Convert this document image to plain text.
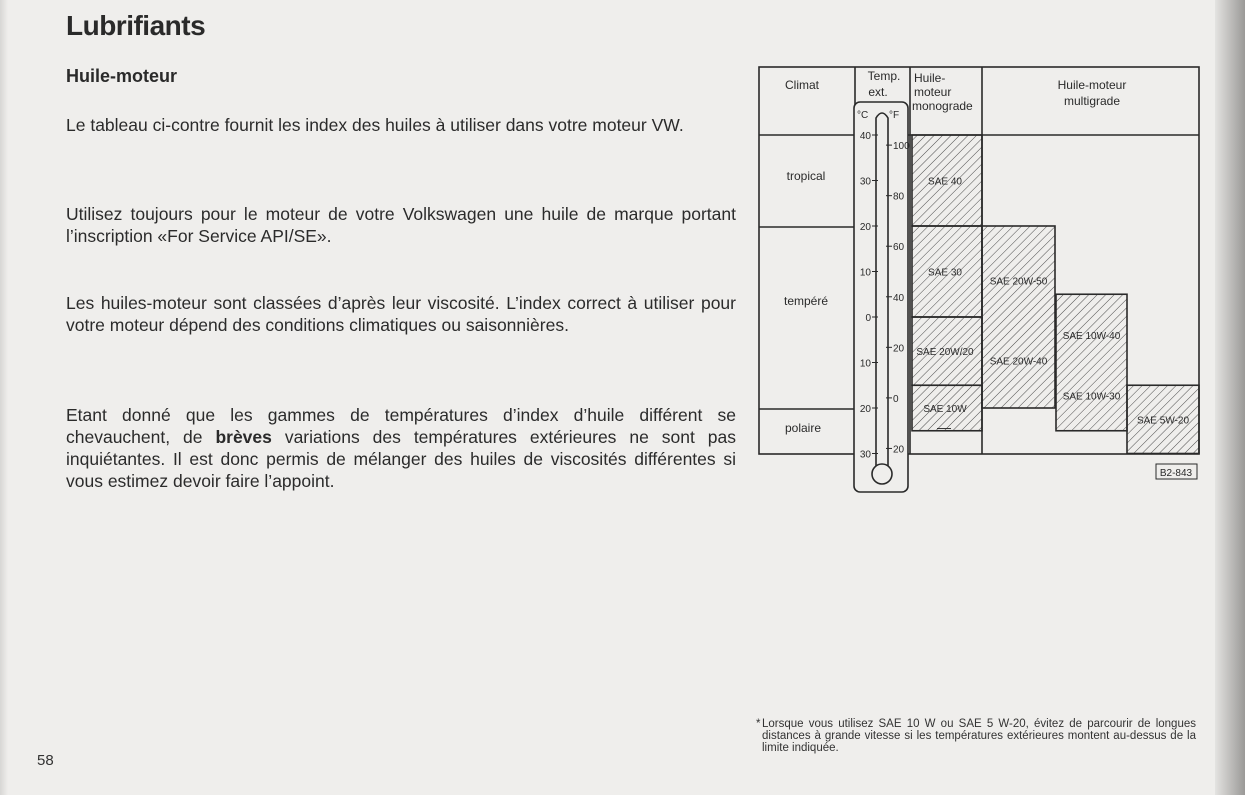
Lubrifiants
Huile-moteur

Le tableau ci-contre fournit les index des huiles à utiliser dans votre moteur VW.

Utilisez toujours pour le moteur de votre Volkswagen une huile de marque portant l’inscription «For Service API/SE».

Les huiles-moteur sont classées d’après leur viscosité. L’index correct à utiliser pour votre moteur dépend des conditions climatiques ou saisonnières.

Etant donné que les gammes de températures d’index d’huile différent se chevauchent, de brèves variations des températures extérieures ne sont pas inquiétantes. Il est donc permis de mélanger des huiles de viscosités différentes si vous estimez devoir faire l’appoint.

58

* Lorsque vous utilisez SAE 10 W ou SAE 5 W-20, évitez de parcourir de longues distances à grande vitesse si les températures extérieures montent au-dessus de la limite indiquée.

Climat
Temp.
ext.
Huile-
moteur
monograde
Huile-moteur
multigrade
tropical
tempéré
polaire
°C °F
40
30
20
10
0
10
20
30
100
80
60
40
20
0
20
SAE 40
SAE 30
SAE 20W/20
SAE 10W
SAE 20W-50
SAE 20W-40
SAE 10W-40
SAE 10W-30
SAE 5W-20
—
B2-843
